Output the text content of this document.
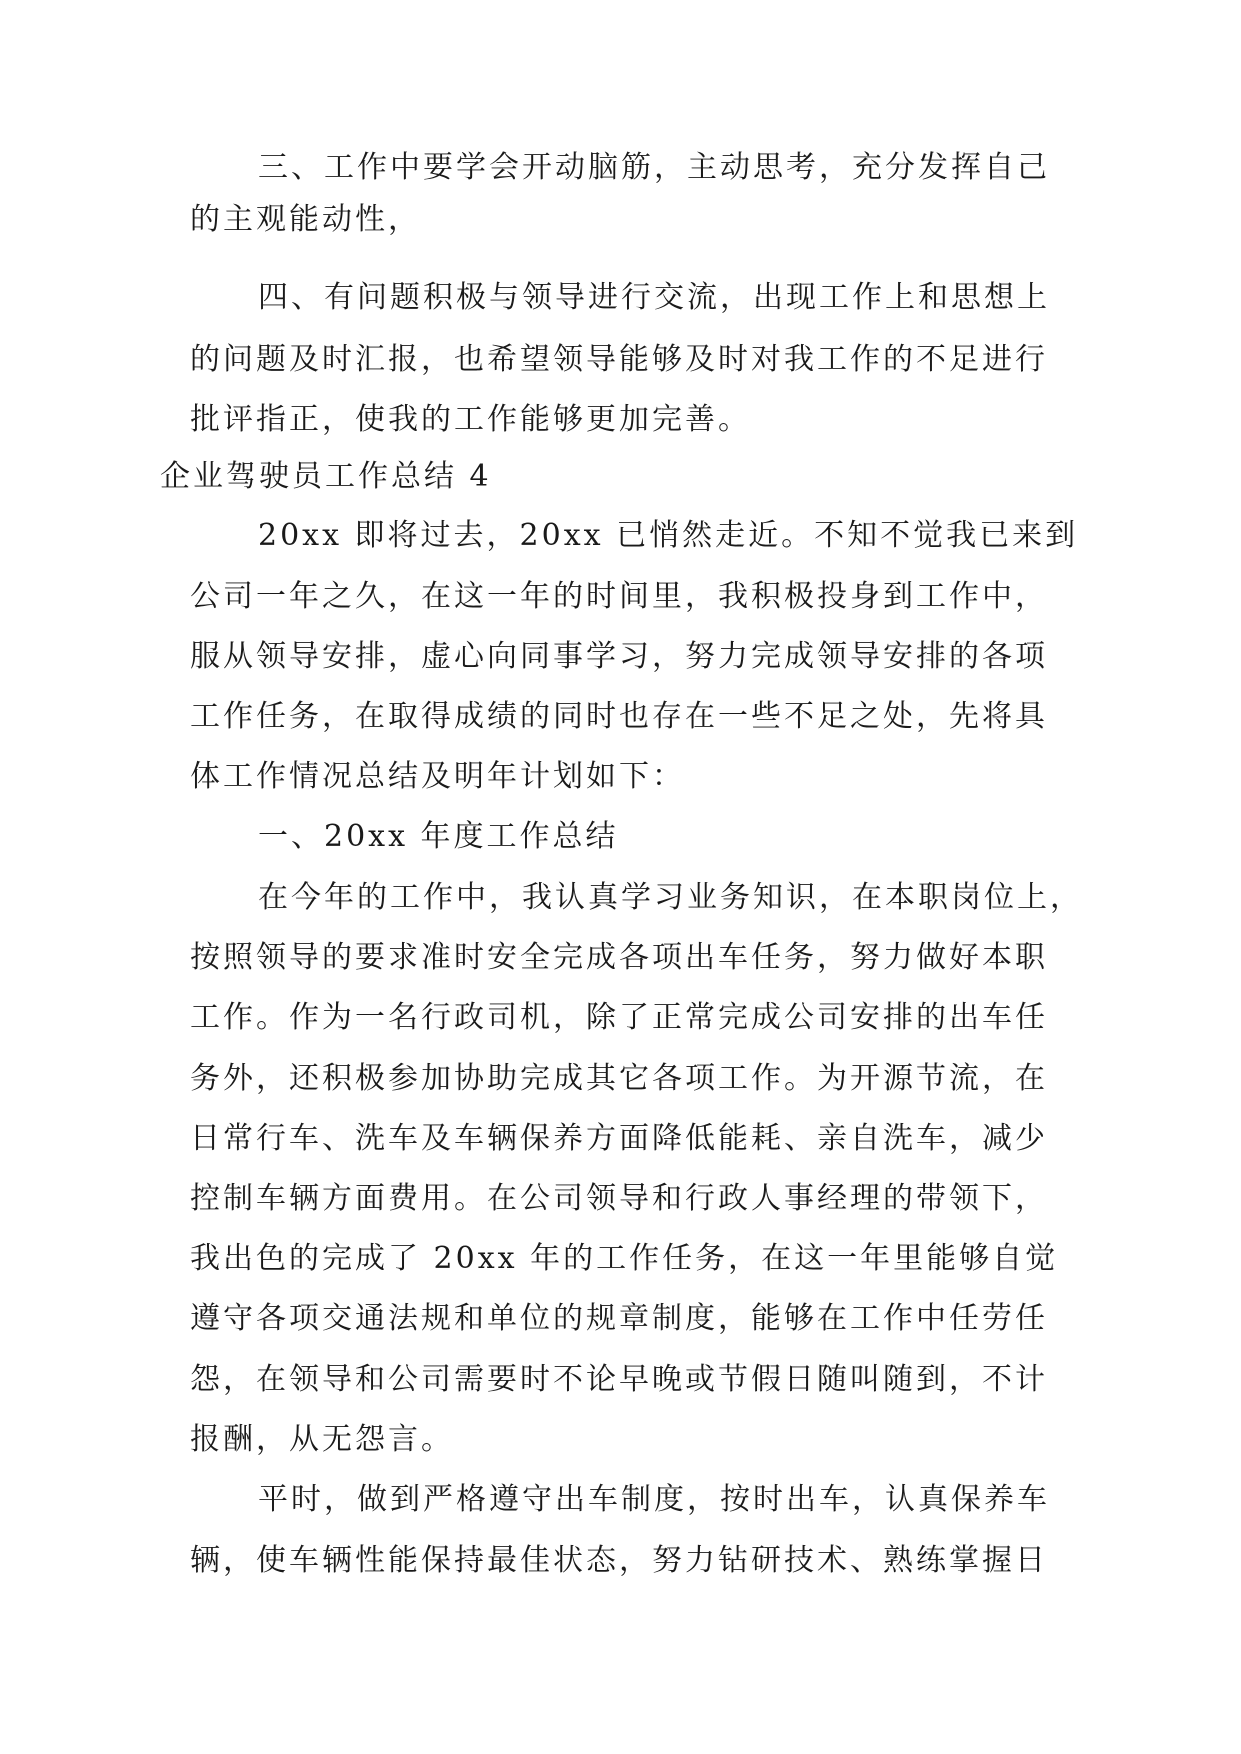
三、工作中要学会开动脑筋，主动思考，充分发挥自己
的主观能动性，
四、有问题积极与领导进行交流，出现工作上和思想上
的问题及时汇报，也希望领导能够及时对我工作的不足进行
批评指正，使我的工作能够更加完善。
企业驾驶员工作总结 4
20xx 即将过去，20xx 已悄然走近。不知不觉我已来到
公司一年之久，在这一年的时间里，我积极投身到工作中，
服从领导安排，虚心向同事学习，努力完成领导安排的各项
工作任务，在取得成绩的同时也存在一些不足之处，先将具
体工作情况总结及明年计划如下：
一、20xx 年度工作总结
在今年的工作中，我认真学习业务知识，在本职岗位上，
按照领导的要求准时安全完成各项出车任务，努力做好本职
工作。作为一名行政司机，除了正常完成公司安排的出车任
务外，还积极参加协助完成其它各项工作。为开源节流，在
日常行车、洗车及车辆保养方面降低能耗、亲自洗车，减少
控制车辆方面费用。在公司领导和行政人事经理的带领下，
我出色的完成了 20xx 年的工作任务，在这一年里能够自觉
遵守各项交通法规和单位的规章制度，能够在工作中任劳任
怨，在领导和公司需要时不论早晚或节假日随叫随到，不计
报酬，从无怨言。
平时，做到严格遵守出车制度，按时出车，认真保养车
辆，使车辆性能保持最佳状态，努力钻研技术、熟练掌握日
